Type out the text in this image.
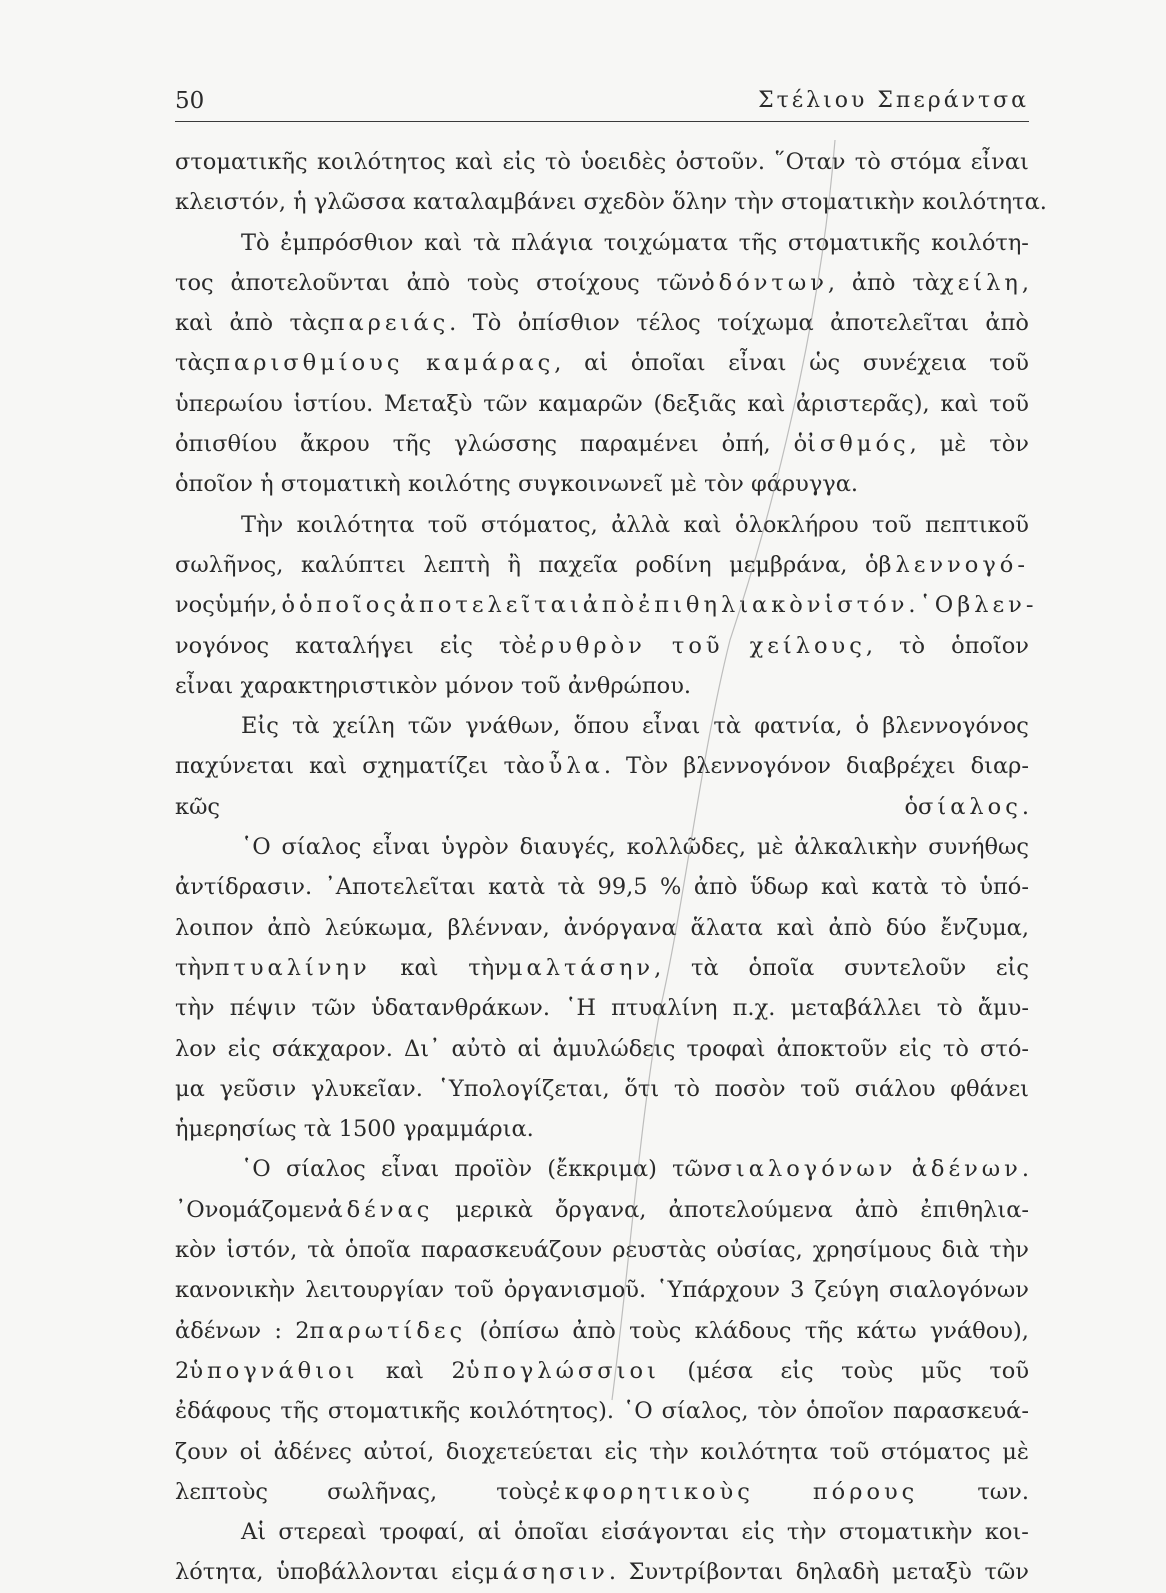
50	Στέλιου Σπεράντσα
στοματικῆς κοιλότητος καὶ εἰς τὸ ὑοειδὲς ὀστοῦν. ῞Οταν τὸ στόμα εἶναι
κλειστόν, ἡ γλῶσσα καταλαμβάνει σχεδὸν ὅλην τὴν στοματικὴν κοιλότητα.
Τὸ ἐμπρόσθιον καὶ τὰ πλάγια τοιχώματα τῆς στοματικῆς κοιλότη-
τος ἀποτελοῦνται ἀπὸ τοὺς στοίχους τῶνὀδόντων, ἀπὸ τὰχείλη,
καὶ ἀπὸ τὰςπαρειάς. Τὸ ὀπίσθιον τέλος τοίχωμα ἀποτελεῖται ἀπὸ
τὰςπαρισθμίους καμάρας, αἱ ὁποῖαι εἶναι ὡς συνέχεια τοῦ
ὑπερωίου ἱστίου. Μεταξὺ τῶν καμαρῶν (δεξιᾶς καὶ ἀριστερᾶς), καὶ τοῦ
ὀπισθίου ἄκρου τῆς γλώσσης παραμένει ὀπή, ὁἰσθμός, μὲ τὸν
ὁποῖον ἡ στοματικὴ κοιλότης συγκοινωνεῖ μὲ τὸν φάρυγγα.
Τὴν κοιλότητα τοῦ στόματος, ἀλλὰ καὶ ὁλοκλήρου τοῦ πεπτικοῦ
σωλῆνος, καλύπτει λεπτὴ ἢ παχεῖα ροδίνη μεμβράνα, ὁβλεννογό-
νος ὑμήν, ὁ ὁποῖος ἀποτελεῖται ἀπὸ ἐπιθηλιακὸν ἱστόν. ῾Ο βλεν-
νογόνος καταλήγει εἰς τὸἐρυθρὸν τοῦ χείλους, τὸ ὁποῖον
εἶναι χαρακτηριστικὸν μόνον τοῦ ἀνθρώπου.
Εἰς τὰ χείλη τῶν γνάθων, ὅπου εἶναι τὰ φατνία, ὁ βλεννογόνος
παχύνεται καὶ σχηματίζει τὰοὖλα. Τὸν βλεννογόνον διαβρέχει διαρ-
κῶς	ὁσίαλος.
῾Ο σίαλος εἶναι ὑγρὸν διαυγές, κολλῶδες, μὲ ἀλκαλικὴν συνήθως
ἀντίδρασιν. ᾿Αποτελεῖται κατὰ τὰ 99,5 % ἀπὸ ὕδωρ καὶ κατὰ τὸ ὑπό-
λοιπον ἀπὸ λεύκωμα, βλένναν, ἀνόργανα ἅλατα καὶ ἀπὸ δύο ἔνζυμα,
τὴνπτυαλίνην καὶ τὴνμαλτάσην, τὰ ὁποῖα συντελοῦν εἰς
τὴν πέψιν τῶν ὑδατανθράκων. ῾Η πτυαλίνη π.χ. μεταβάλλει τὸ ἄμυ-
λον εἰς σάκχαρον. Δι᾿ αὐτὸ αἱ ἀμυλώδεις τροφαὶ ἀποκτοῦν εἰς τὸ στό-
μα γεῦσιν γλυκεῖαν. ῾Υπολογίζεται, ὅτι τὸ ποσὸν τοῦ σιάλου φθάνει
ἡμερησίως τὰ 1500 γραμμάρια.
῾Ο σίαλος εἶναι προϊὸν (ἔκκριμα) τῶνσιαλογόνων ἀδένων.
᾿Ονομάζομενἀδένας μερικὰ ὄργανα, ἀποτελούμενα ἀπὸ ἐπιθηλια-
κὸν ἱστόν, τὰ ὁποῖα παρασκευάζουν ρευστὰς οὐσίας, χρησίμους διὰ τὴν
κανονικὴν λειτουργίαν τοῦ ὀργανισμοῦ. ῾Υπάρχουν 3 ζεύγη σιαλογόνων
ἀδένων : 2παρωτίδες (ὀπίσω ἀπὸ τοὺς κλάδους τῆς κάτω γνάθου),
2ὑπογνάθιοι καὶ 2ὑπογλώσσιοι (μέσα εἰς τοὺς μῦς τοῦ
ἐδάφους τῆς στοματικῆς κοιλότητος). ῾Ο σίαλος, τὸν ὁποῖον παρασκευά-
ζουν οἱ ἀδένες αὐτοί, διοχετεύεται εἰς τὴν κοιλότητα τοῦ στόματος μὲ
λεπτοὺς	σωλῆνας,	τοὺςἐκφορητικοὺς	πόρους	των.
Αἱ στερεαὶ τροφαί, αἱ ὁποῖαι εἰσάγονται εἰς τὴν στοματικὴν κοι-
λότητα, ὑποβάλλονται εἰςμάσησιν. Συντρίβονται δηλαδὴ μεταξὺ τῶν
